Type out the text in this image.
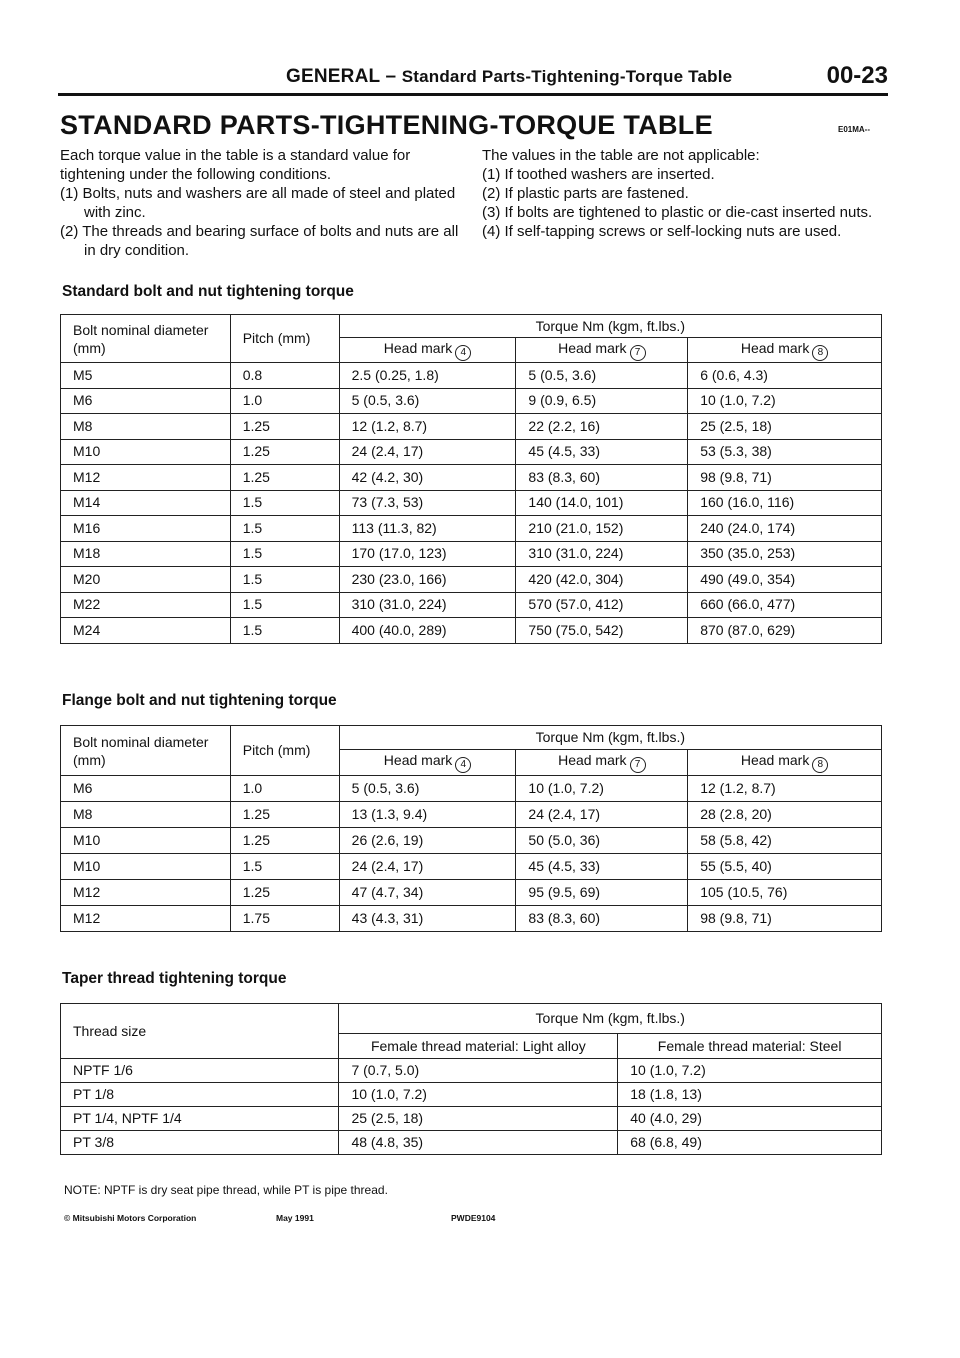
GENERAL – Standard Parts-Tightening-Torque Table	00-23
STANDARD PARTS-TIGHTENING-TORQUE TABLE	E01MA--

Each torque value in the table is a standard value for tightening under the following conditions.

(1) Bolts, nuts and washers are all made of steel and plated with zinc.

(2) The threads and bearing surface of bolts and nuts are all in dry condition.

The values in the table are not applicable:

(1) If toothed washers are inserted.

(2) If plastic parts are fastened.

(3) If bolts are tightened to plastic or die-cast inserted nuts.

(4) If self-tapping screws or self-locking nuts are used.

Standard bolt and nut tightening torque
Bolt nominal diameter (mm)	Pitch (mm)	Torque Nm (kgm, ft.lbs.)		
		Head mark 4	Head mark 7	Head mark 8
M5	0.8	2.5 (0.25, 1.8)	5 (0.5, 3.6)	6 (0.6, 4.3)
M6	1.0	5 (0.5, 3.6)	9 (0.9, 6.5)	10 (1.0, 7.2)
M8	1.25	12 (1.2, 8.7)	22 (2.2, 16)	25 (2.5, 18)
M10	1.25	24 (2.4, 17)	45 (4.5, 33)	53 (5.3, 38)
M12	1.25	42 (4.2, 30)	83 (8.3, 60)	98 (9.8, 71)
M14	1.5	73 (7.3, 53)	140 (14.0, 101)	160 (16.0, 116)
M16	1.5	113 (11.3, 82)	210 (21.0, 152)	240 (24.0, 174)
M18	1.5	170 (17.0, 123)	310 (31.0, 224)	350 (35.0, 253)
M20	1.5	230 (23.0, 166)	420 (42.0, 304)	490 (49.0, 354)
M22	1.5	310 (31.0, 224)	570 (57.0, 412)	660 (66.0, 477)
M24	1.5	400 (40.0, 289)	750 (75.0, 542)	870 (87.0, 629)
Flange bolt and nut tightening torque
Bolt nominal diameter (mm)	Pitch (mm)	Torque Nm (kgm, ft.lbs.)		
		Head mark 4	Head mark 7	Head mark 8
M6	1.0	5 (0.5, 3.6)	10 (1.0, 7.2)	12 (1.2, 8.7)
M8	1.25	13 (1.3, 9.4)	24 (2.4, 17)	28 (2.8, 20)
M10	1.25	26 (2.6, 19)	50 (5.0, 36)	58 (5.8, 42)
M10	1.5	24 (2.4, 17)	45 (4.5, 33)	55 (5.5, 40)
M12	1.25	47 (4.7, 34)	95 (9.5, 69)	105 (10.5, 76)
M12	1.75	43 (4.3, 31)	83 (8.3, 60)	98 (9.8, 71)
Taper thread tightening torque
Thread size	Torque Nm (kgm, ft.lbs.)	
	Female thread material: Light alloy	Female thread material: Steel
NPTF 1/6	7 (0.7, 5.0)	10 (1.0, 7.2)
PT 1/8	10 (1.0, 7.2)	18 (1.8, 13)
PT 1/4, NPTF 1/4	25 (2.5, 18)	40 (4.0, 29)
PT 3/8	48 (4.8, 35)	68 (6.8, 49)
NOTE: NPTF is dry seat pipe thread, while PT is pipe thread.
© Mitsubishi Motors Corporation	May 1991	PWDE9104
